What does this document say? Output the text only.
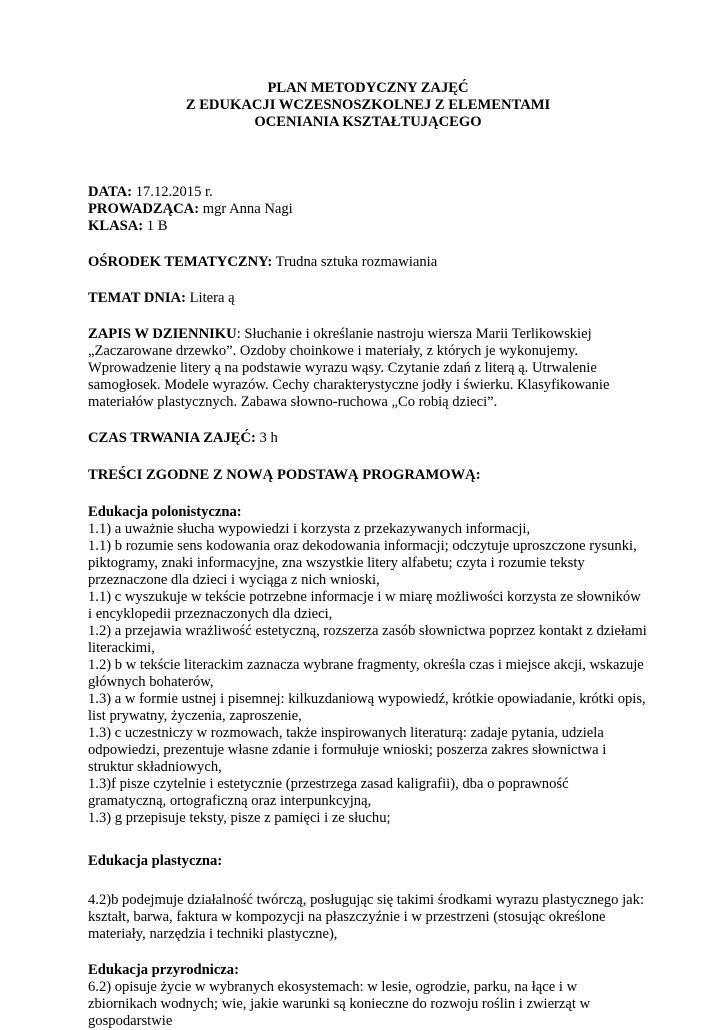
PLAN METODYCZNY ZAJĘĆ
Z EDUKACJI WCZESNOSZKOLNEJ Z ELEMENTAMI
OCENIANIA KSZTAŁTUJĄCEGO
DATA: 17.12.2015 r.
PROWADZĄCA: mgr Anna Nagi
KLASA: 1 B
OŚRODEK TEMATYCZNY: Trudna sztuka rozmawiania
TEMAT DNIA: Litera ą
ZAPIS W DZIENNIKU: Słuchanie i określanie nastroju wiersza Marii Terlikowskiej „Zaczarowane drzewko”. Ozdoby choinkowe i materiały, z których je wykonujemy. Wprowadzenie litery ą na podstawie wyrazu wąsy. Czytanie zdań z literą ą. Utrwalenie samogłosek. Modele wyrazów. Cechy charakterystyczne jodły i świerku. Klasyfikowanie materiałów plastycznych. Zabawa słowno-ruchowa „Co robią dzieci”.
CZAS TRWANIA ZAJĘĆ: 3 h
TREŚCI ZGODNE Z NOWĄ PODSTAWĄ PROGRAMOWĄ:
Edukacja polonistyczna:
1.1) a uważnie słucha wypowiedzi i korzysta z przekazywanych informacji,
1.1) b rozumie sens kodowania oraz dekodowania informacji; odczytuje uproszczone rysunki, piktogramy, znaki informacyjne, zna wszystkie litery alfabetu; czyta i rozumie teksty przeznaczone dla dzieci i wyciąga z nich wnioski,
1.1) c wyszukuje w tekście potrzebne informacje i w miarę możliwości korzysta ze słowników i encyklopedii przeznaczonych dla dzieci,
1.2) a przejawia wrażliwość estetyczną, rozszerza zasób słownictwa poprzez kontakt z dziełami literackimi,
1.2) b w tekście literackim zaznacza wybrane fragmenty, określa czas i miejsce akcji, wskazuje głównych bohaterów,
1.3) a w formie ustnej i pisemnej: kilkuzdaniową wypowiedź, krótkie opowiadanie, krótki opis, list prywatny, życzenia, zaproszenie,
1.3) c uczestniczy w rozmowach, także inspirowanych literaturą: zadaje pytania, udziela odpowiedzi, prezentuje własne zdanie i formułuje wnioski; poszerza zakres słownictwa i struktur składniowych,
1.3)f pisze czytelnie i estetycznie (przestrzega zasad kaligrafii), dba o poprawność gramatyczną, ortograficzną oraz interpunkcyjną,
1.3) g przepisuje teksty, pisze z pamięci i ze słuchu;
Edukacja plastyczna:
4.2)b podejmuje działalność twórczą, posługując się takimi środkami wyrazu plastycznego jak: kształt, barwa, faktura w kompozycji na płaszczyźnie i w przestrzeni (stosując określone materiały, narzędzia i techniki plastyczne),
Edukacja przyrodnicza:
6.2) opisuje życie w wybranych ekosystemach: w lesie, ogrodzie, parku, na łące i w zbiornikach wodnych; wie, jakie warunki są konieczne do rozwoju roślin i zwierząt w gospodarstwie
